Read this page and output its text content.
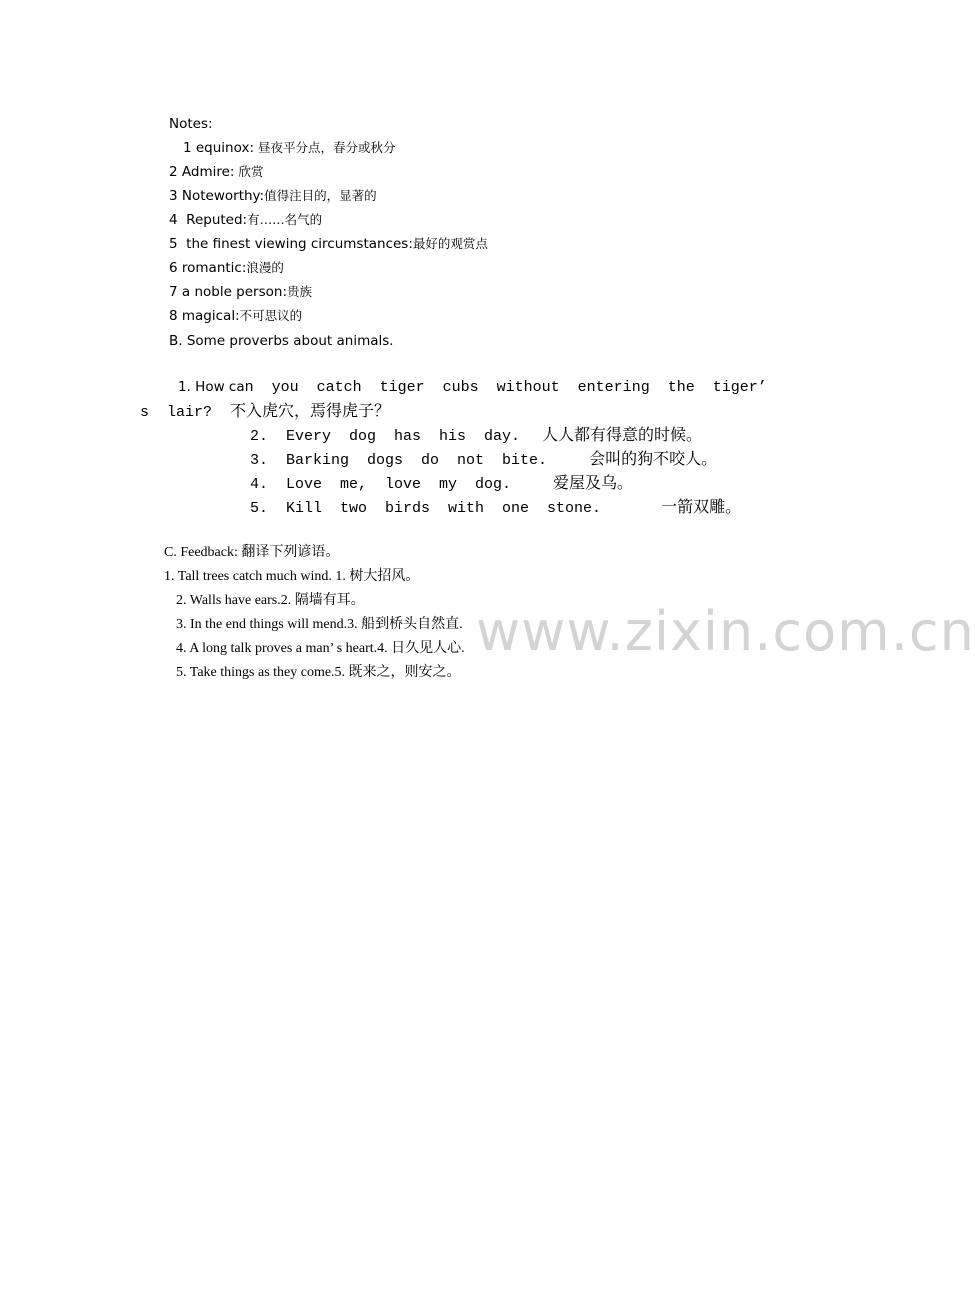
www.zixin.com.cn
Notes:
1 equinox: 昼夜平分点，春分或秋分
2 Admire: 欣赏
3 Noteworthy:值得注目的，显著的
4  Reputed:有……名气的
5  the finest viewing circumstances:最好的观赏点
6 romantic:浪漫的
7 a noble person:贵族
8 magical:不可思议的
B. Some proverbs about animals.
1. How can  you  catch  tiger  cubs  without  entering  the  tiger’
s  lair? 不入虎穴，焉得虎子？
2.  Every  dog  has  his  day. 人人都有得意的时候。
3.  Barking  dogs  do  not  bite.	会叫的狗不咬人。
4.  Love  me,  love  my  dog.	爱屋及乌。
5.  Kill  two  birds  with  one  stone.	一箭双雕。
C. Feedback: 翻译下列谚语。
1. Tall trees catch much wind. 1. 树大招风。
2. Walls have ears.2. 隔墙有耳。
3. In the end things will mend.3. 船到桥头自然直.
4. A long talk proves a man’ s heart.4. 日久见人心.
5. Take things as they come.5. 既来之，则安之。
